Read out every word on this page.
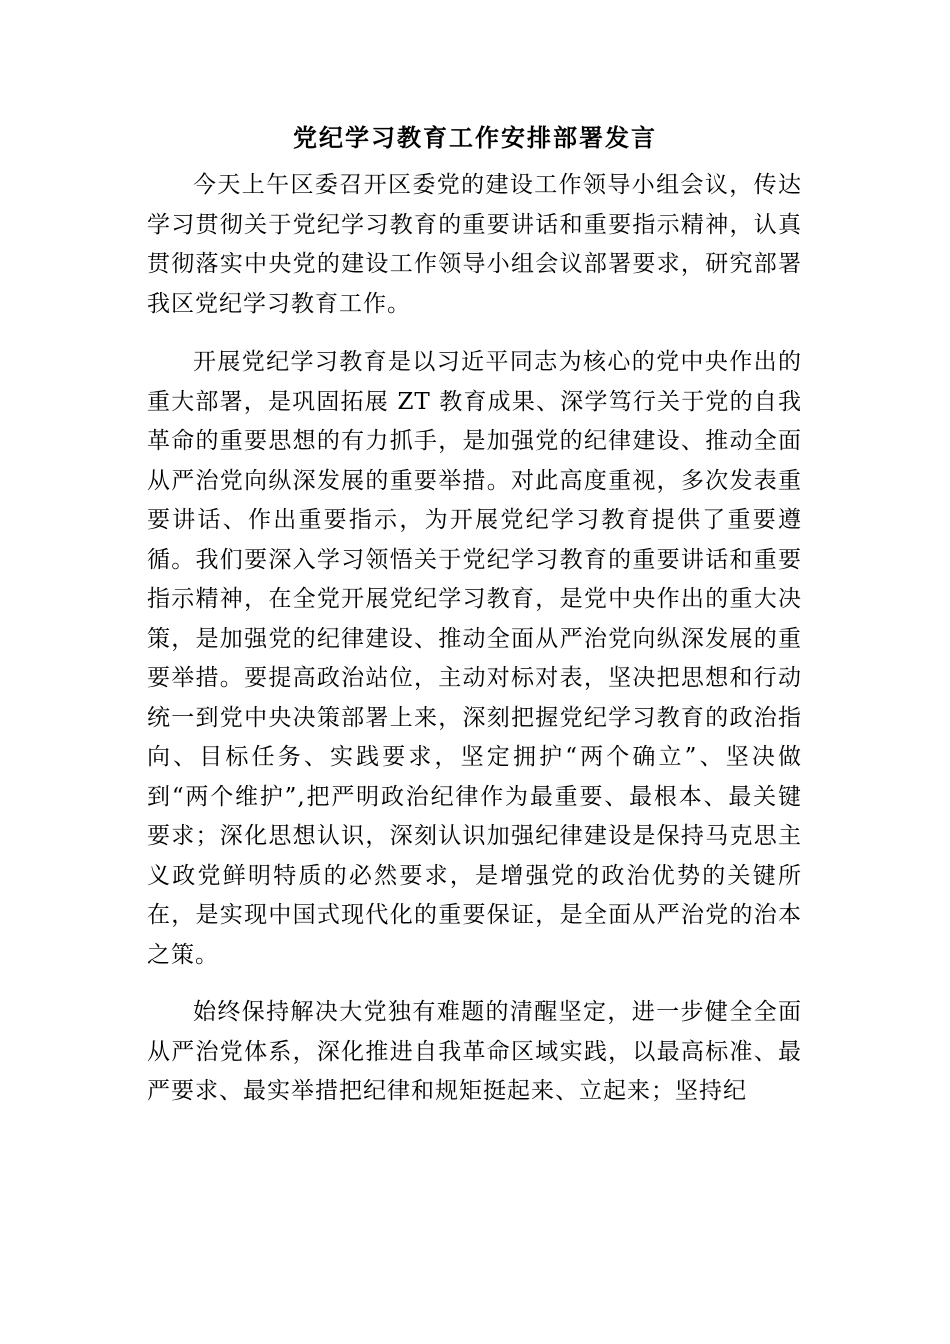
党纪学习教育工作安排部署发言

今天上午区委召开区委党的建设工作领导小组会议，传达学习贯彻关于党纪学习教育的重要讲话和重要指示精神，认真贯彻落实中央党的建设工作领导小组会议部署要求，研究部署我区党纪学习教育工作。

开展党纪学习教育是以习近平同志为核心的党中央作出的重大部署，是巩固拓展 ZT 教育成果、深学笃行关于党的自我革命的重要思想的有力抓手，是加强党的纪律建设、推动全面从严治党向纵深发展的重要举措。对此高度重视，多次发表重要讲话、作出重要指示，为开展党纪学习教育提供了重要遵循。我们要深入学习领悟关于党纪学习教育的重要讲话和重要指示精神，在全党开展党纪学习教育，是党中央作出的重大决策，是加强党的纪律建设、推动全面从严治党向纵深发展的重要举措。要提高政治站位，主动对标对表，坚决把思想和行动统一到党中央决策部署上来，深刻把握党纪学习教育的政治指向、目标任务、实践要求，坚定拥护“两个确立”、坚决做到“两个维护”,把严明政治纪律作为最重要、最根本、最关键要求；深化思想认识，深刻认识加强纪律建设是保持马克思主义政党鲜明特质的必然要求，是增强党的政治优势的关键所在，是实现中国式现代化的重要保证，是全面从严治党的治本之策。

始终保持解决大党独有难题的清醒坚定，进一步健全全面从严治党体系，深化推进自我革命区域实践，以最高标准、最严要求、最实举措把纪律和规矩挺起来、立起来；坚持纪
